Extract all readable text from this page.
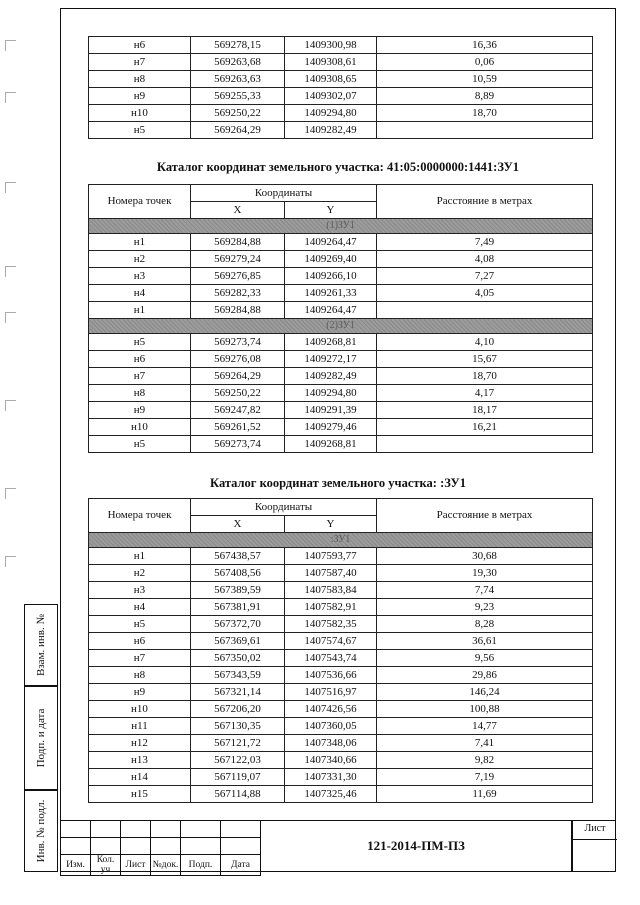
Взам. инв. №
Подп. и дата
Инв. № подл.
н6	569278,15	1409300,98	16,36
н7	569263,68	1409308,61	0,06
н8	569263,63	1409308,65	10,59
н9	569255,33	1409302,07	8,89
н10	569250,22	1409294,80	18,70
н5	569264,29	1409282,49	
Каталог координат земельного участка: 41:05:0000000:1441:ЗУ1
Номера точек	Координаты		Расстояние в метрах
	X	Y	
(1)ЗУ1			
н1	569284,88	1409264,47	7,49
н2	569279,24	1409269,40	4,08
н3	569276,85	1409266,10	7,27
н4	569282,33	1409261,33	4,05
н1	569284,88	1409264,47	
(2)ЗУ1			
н5	569273,74	1409268,81	4,10
н6	569276,08	1409272,17	15,67
н7	569264,29	1409282,49	18,70
н8	569250,22	1409294,80	4,17
н9	569247,82	1409291,39	18,17
н10	569261,52	1409279,46	16,21
н5	569273,74	1409268,81	
Каталог координат земельного участка: :ЗУ1
Номера точек	Координаты		Расстояние в метрах
	X	Y	
:ЗУ1			
н1	567438,57	1407593,77	30,68
н2	567408,56	1407587,40	19,30
н3	567389,59	1407583,84	7,74
н4	567381,91	1407582,91	9,23
н5	567372,70	1407582,35	8,28
н6	567369,61	1407574,67	36,61
н7	567350,02	1407543,74	9,56
н8	567343,59	1407536,66	29,86
н9	567321,14	1407516,97	146,24
н10	567206,20	1407426,56	100,88
н11	567130,35	1407360,05	14,77
н12	567121,72	1407348,06	7,41
н13	567122,03	1407340,66	9,82
н14	567119,07	1407331,30	7,19
н15	567114,88	1407325,46	11,69

Изм.	Кол. уч	Лист	№док.	Подп.	Дата
121-2014-ПМ-ПЗ
Лист
